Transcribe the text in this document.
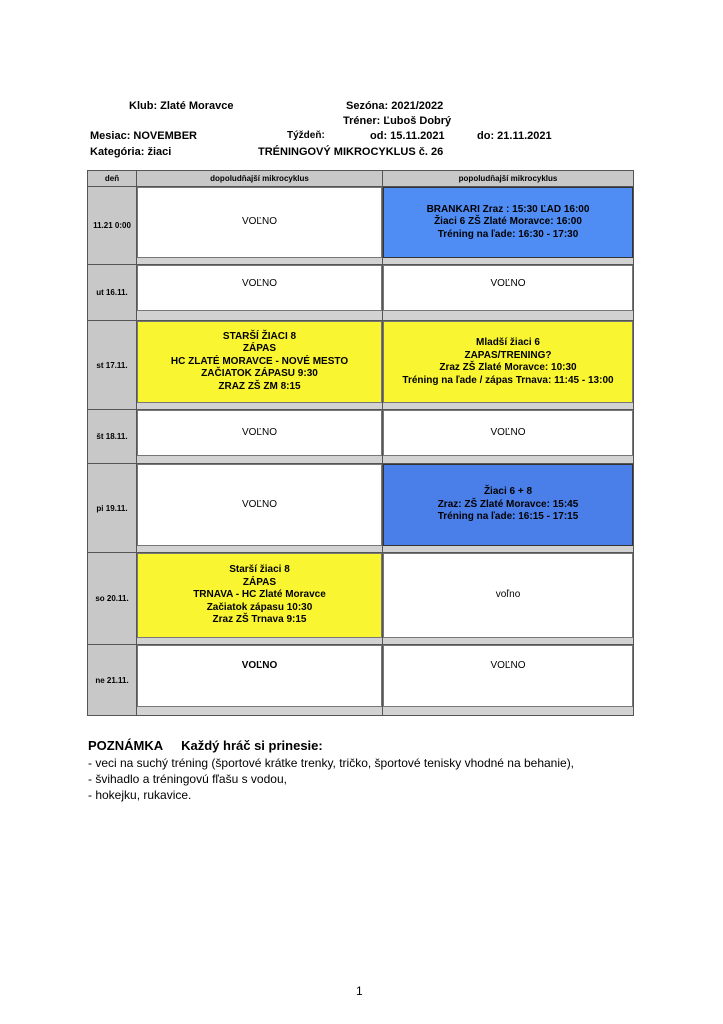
Klub: Zlaté Moravce	Sezóna: 2021/2022
Tréner: Ľuboš Dobrý
Mesiac: NOVEMBER	Týždeň:	od: 15.11.2021	do: 21.11.2021
Kategória: žiaci	TRÉNINGOVÝ MIKROCYKLUS č. 26
deň	dopoludňajší mikrocyklus	popoludňajší mikrocyklus
11.21 0:00	VOĽNO	BRANKARI Zraz : 15:30 ĽAD 16:00
Žiaci 6 ZŠ Zlaté Moravce: 16:00
Tréning na ľade: 16:30 - 17:30

ut 16.11.	VOĽNO	VOĽNO

st 17.11.	STARŠÍ ŽIACI 8
ZÁPAS
HC ZLATÉ MORAVCE - NOVÉ MESTO
ZAČIATOK ZÁPASU 9:30
ZRAZ ZŠ ZM 8:15	Mladší žiaci 6
ZAPAS/TRENING?
Zraz ZŠ Zlaté Moravce: 10:30
Tréning na ľade / zápas Trnava: 11:45 - 13:00

št 18.11.	VOĽNO	VOĽNO

pi 19.11.	VOĽNO	Žiaci 6 + 8
Zraz: ZŠ Zlaté Moravce: 15:45
Tréning na ľade: 16:15 - 17:15

so 20.11.	Starší žiaci 8
ZÁPAS
TRNAVA - HC Zlaté Moravce
Začiatok zápasu 10:30
Zraz ZŠ Trnava 9:15	voľno

ne 21.11.	VOĽNO	VOĽNO
POZNÁMKA Každý hráč si prinesie:
- veci na suchý tréning (športové krátke trenky, tričko, športové tenisky vhodné na behanie),
- švihadlo a tréningovú fľašu s vodou,
- hokejku, rukavice.
1
